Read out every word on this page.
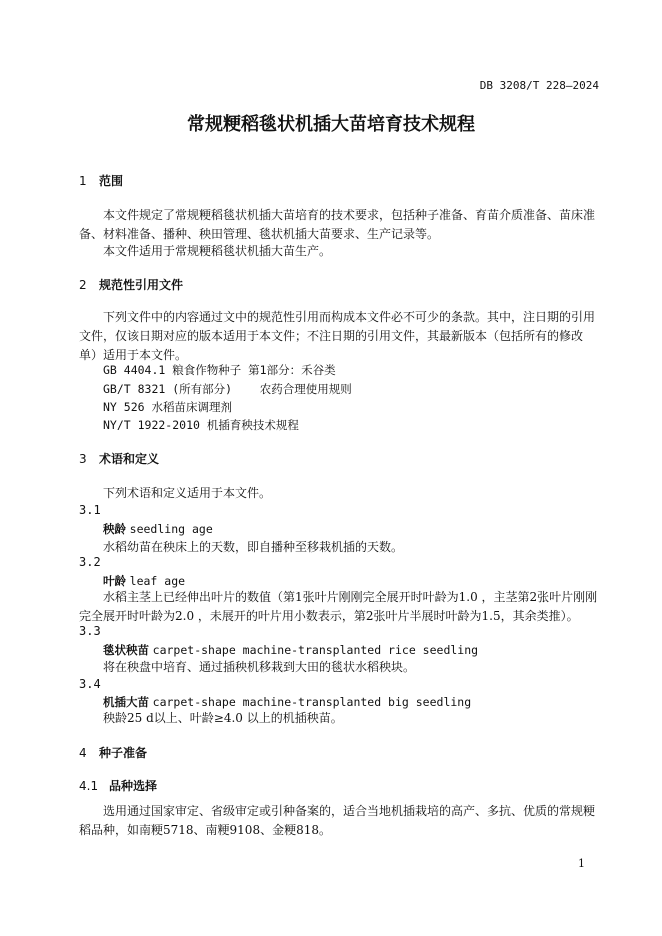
DB 3208/T 228—2024
常规粳稻毯状机插大苗培育技术规程
1 范围
本文件规定了常规粳稻毯状机插大苗培育的技术要求，包括种子准备、育苗介质准备、苗床准备、材料准备、播种、秧田管理、毯状机插大苗要求、生产记录等。
本文件适用于常规粳稻毯状机插大苗生产。
2 规范性引用文件
下列文件中的内容通过文中的规范性引用而构成本文件必不可少的条款。其中，注日期的引用文件，仅该日期对应的版本适用于本文件；不注日期的引用文件，其最新版本（包括所有的修改单）适用于本文件。
GB 4404.1 粮食作物种子 第1部分：禾谷类
GB/T 8321 (所有部分)    农药合理使用规则
NY 526 水稻苗床调理剂
NY/T 1922-2010 机插育秧技术规程
3 术语和定义
下列术语和定义适用于本文件。
3.1
秧龄 seedling age
水稻幼苗在秧床上的天数，即自播种至移栽机插的天数。
3.2
叶龄 leaf age
水稻主茎上已经伸出叶片的数值（第1张叶片刚刚完全展开时叶龄为1.0 ，主茎第2张叶片刚刚完全展开时叶龄为2.0 ，未展开的叶片用小数表示，第2张叶片半展时叶龄为1.5，其余类推）。
3.3
毯状秧苗 carpet-shape machine-transplanted rice seedling
将在秧盘中培育、通过插秧机移栽到大田的毯状水稻秧块。
3.4
机插大苗 carpet-shape machine-transplanted big seedling
秧龄25 d以上、叶龄≥4.0 以上的机插秧苗。
4 种子准备
4.1 品种选择
选用通过国家审定、省级审定或引种备案的，适合当地机插栽培的高产、多抗、优质的常规粳稻品种，如南粳5718、南粳9108、金粳818。
1
